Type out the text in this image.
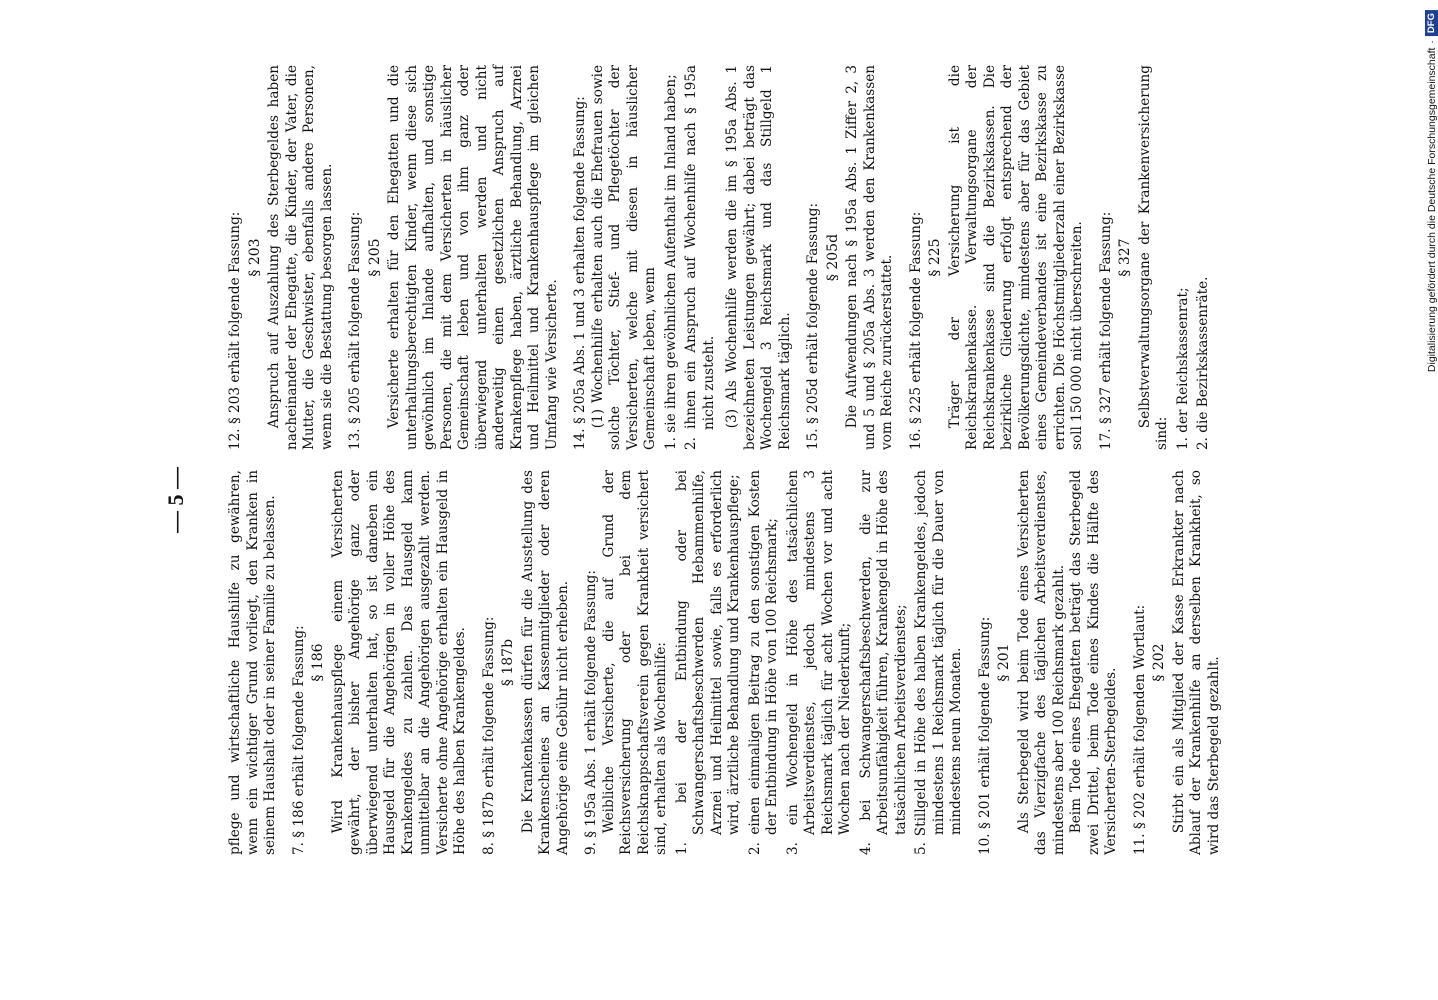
— 5 —	pflege und wirtschaftliche Haushilfe zu gewähren, wenn ein wichtiger Grund vorliegt, den Kranken in seinem Haushalt oder in seiner Familie zu belassen. 7. § 186 erhält folgende Fassung: § 186 Wird Krankenhauspflege einem Versicherten gewährt, der bisher Angehörige ganz oder überwiegend unterhalten hat, so ist daneben ein Hausgeld für die Angehörigen in voller Höhe des Krankengeldes zu zahlen. Das Hausgeld kann unmittelbar an die Angehörigen ausgezahlt werden. Versicherte ohne Angehörige erhalten ein Hausgeld in Höhe des halben Krankengeldes. 8. § 187b erhält folgende Fassung: § 187b Die Krankenkassen dürfen für die Ausstellung des Krankenscheines an Kassenmitglieder oder deren Angehörige eine Gebühr nicht erheben. 9. § 195a Abs. 1 erhält folgende Fassung: Weibliche Versicherte, die auf Grund der Reichsversicherung oder bei dem Reichsknappschaftsverein gegen Krankheit versichert sind, erhalten als Wochenhilfe: 1. bei der Entbindung oder bei Schwangerschaftsbeschwerden Hebammenhilfe, Arznei und Heilmittel sowie, falls es erforderlich wird, ärztliche Behandlung und Krankenhauspflege; 2. einen einmaligen Beitrag zu den sonstigen Kosten der Entbindung in Höhe von 100 Reichsmark; 3. ein Wochengeld in Höhe des tatsächlichen Arbeitsverdienstes, jedoch mindestens 3 Reichsmark täglich für acht Wochen vor und acht Wochen nach der Niederkunft; 4. bei Schwangerschaftsbeschwerden, die zur Arbeitsunfähigkeit führen, Krankengeld in Höhe des tatsächlichen Arbeitsverdienstes; 5. Stillgeld in Höhe des halben Krankengeldes, jedoch mindestens 1 Reichsmark täglich für die Dauer von mindestens neun Monaten. 10. § 201 erhält folgende Fassung: § 201 Als Sterbegeld wird beim Tode eines Versicherten das Vierzigfache des täglichen Arbeitsverdienstes, mindestens aber 100 Reichsmark gezahlt. Beim Tode eines Ehegatten beträgt das Sterbegeld zwei Drittel, beim Tode eines Kindes die Hälfte des Versicherten-Sterbegeldes. 11. § 202 erhält folgenden Wortlaut: § 202 Stirbt ein als Mitglied der Kasse Erkrankter nach Ablauf der Krankenhilfe an derselben Krankheit, so wird das Sterbegeld gezahlt.

12. § 203 erhält folgende Fassung: § 203 Anspruch auf Auszahlung des Sterbegeldes haben nacheinander der Ehegatte, die Kinder, der Vater, die Mutter, die Geschwister, ebenfalls andere Personen, wenn sie die Bestattung besorgen lassen. 13. § 205 erhält folgende Fassung: § 205 Versicherte erhalten für den Ehegatten und die unterhaltungsberechtigten Kinder, wenn diese sich gewöhnlich im Inlande aufhalten, und sonstige Personen, die mit dem Versicherten in häuslicher Gemeinschaft leben und von ihm ganz oder überwiegend unterhalten werden und nicht anderweitig einen gesetzlichen Anspruch auf Krankenpflege haben, ärztliche Behandlung, Arznei und Heilmittel und Krankenhauspflege im gleichen Umfang wie Versicherte. 14. § 205a Abs. 1 und 3 erhalten folgende Fassung: (1) Wochenhilfe erhalten auch die Ehefrauen sowie solche Töchter, Stief- und Pflegetöchter der Versicherten, welche mit diesen in häuslicher Gemeinschaft leben, wenn 1. sie ihren gewöhnlichen Aufenthalt im Inland haben; 2. ihnen ein Anspruch auf Wochenhilfe nach § 195a nicht zusteht. (3) Als Wochenhilfe werden die im § 195a Abs. 1 bezeichneten Leistungen gewährt; dabei beträgt das Wochengeld 3 Reichsmark und das Stillgeld 1 Reichsmark täglich. 15. § 205d erhält folgende Fassung: § 205d Die Aufwendungen nach § 195a Abs. 1 Ziffer 2, 3 und 5 und § 205a Abs. 3 werden den Krankenkassen vom Reiche zurückerstattet. 16. § 225 erhält folgende Fassung: § 225 Träger der Versicherung ist die Reichskrankenkasse. Verwaltungsorgane der Reichskrankenkasse sind die Bezirkskassen. Die bezirkliche Gliederung erfolgt entsprechend der Bevölkerungsdichte, mindestens aber für das Gebiet eines Gemeindeverbandes ist eine Bezirkskasse zu errichten. Die Höchstmitgliederzahl einer Bezirkskasse soll 150 000 nicht überschreiten. 17. § 327 erhält folgende Fassung: § 327 Selbstverwaltungsorgane der Krankenversicherung sind: 1. der Reichskassenrat; 2. die Bezirkskassenräte.	Digitalisierung gefördert durch die Deutsche Forschungsgemeinschaft
·
DFG
